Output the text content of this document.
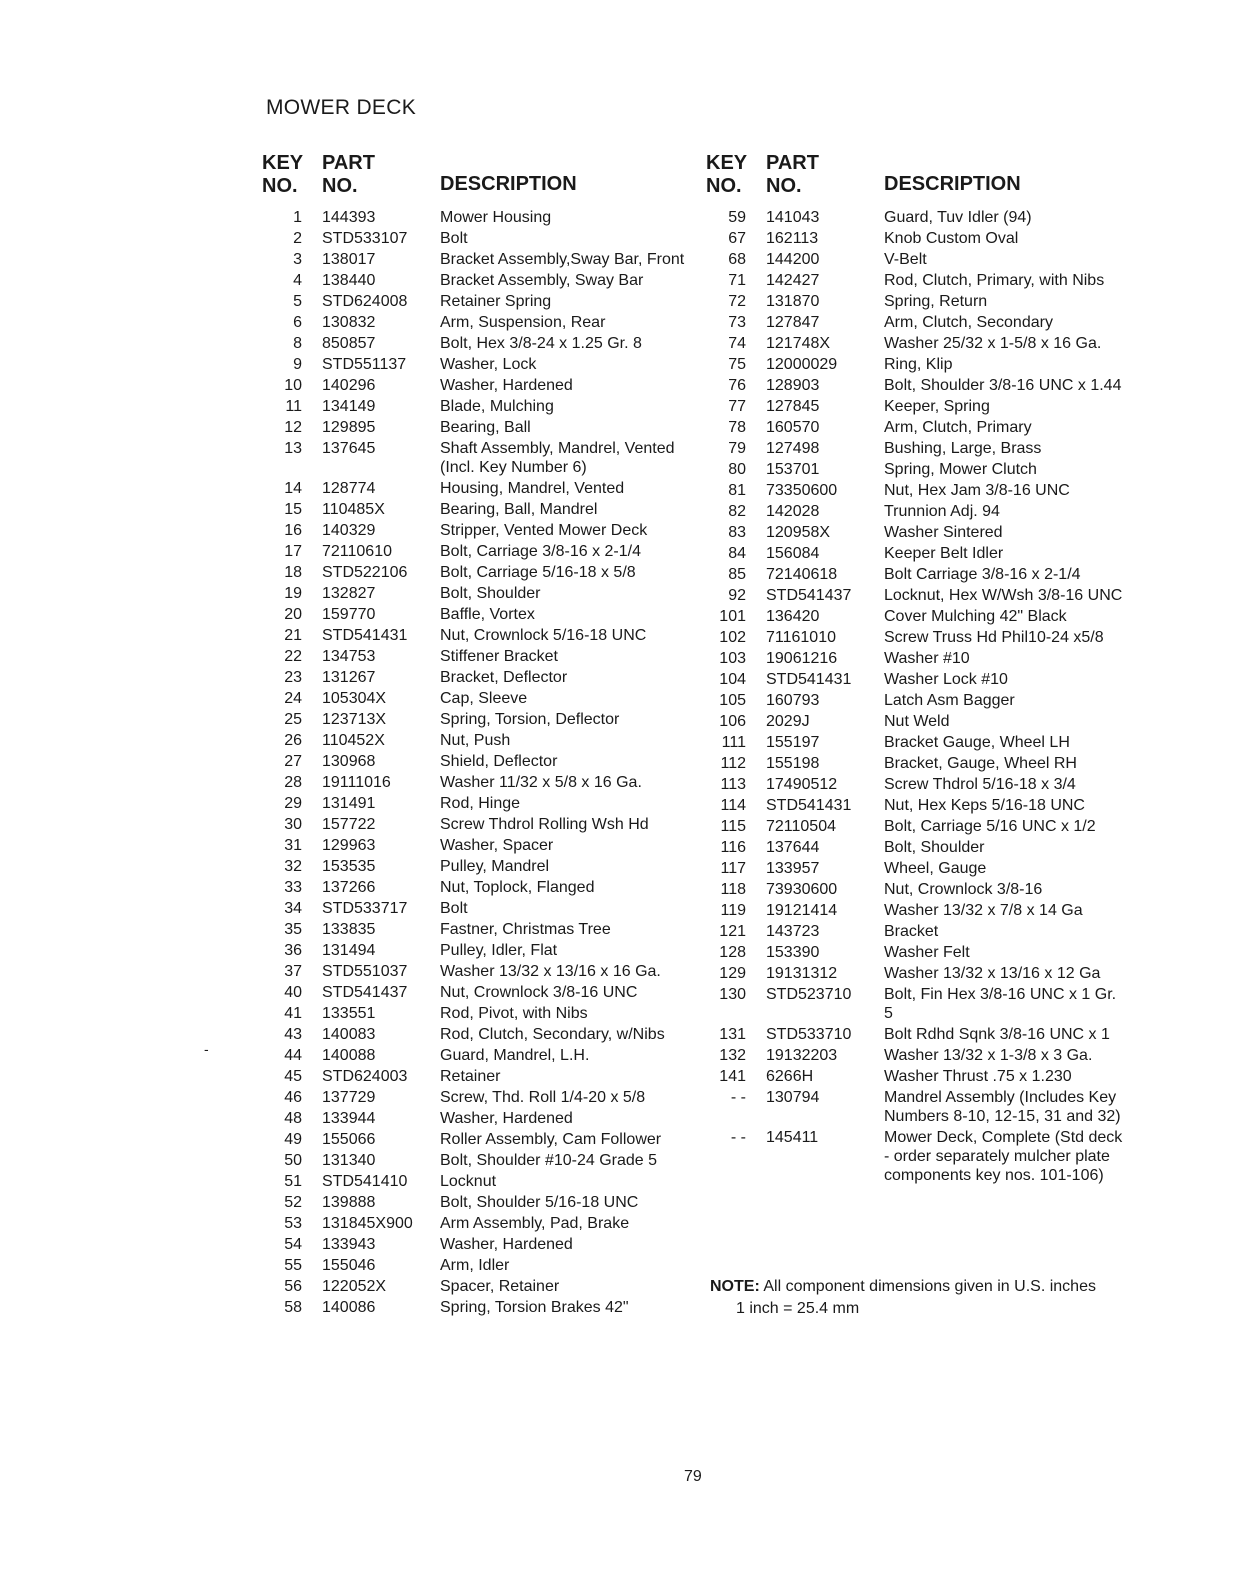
MOWER DECK
KEY
NO.
PART
NO.	DESCRIPTION
1 144393	Mower Housing
2 STD533107 Bolt
3 138017	Bracket Assembly,Sway Bar, Front
4 138440	Bracket Assembly, Sway Bar
5 STD624008 Retainer Spring
6 130832	Arm, Suspension, Rear
8 850857	Bolt, Hex 3/8-24 x 1.25 Gr. 8
9 STD551137 Washer, Lock
10 140296	Washer, Hardened
11 134149	Blade, Mulching
12 129895	Bearing, Ball
13 137645	Shaft Assembly, Mandrel, Vented (Incl. Key Number 6)
14 128774	Housing, Mandrel, Vented
15 110485X	Bearing, Ball, Mandrel
16 140329	Stripper, Vented Mower Deck
17 72110610	Bolt, Carriage 3/8-16 x 2-1/4
18 STD522106 Bolt, Carriage 5/16-18 x 5/8
19 132827	Bolt, Shoulder
20 159770	Baffle, Vortex
21 STD541431 Nut, Crownlock 5/16-18 UNC
22 134753	Stiffener Bracket
23 131267	Bracket, Deflector
24 105304X	Cap, Sleeve
25 123713X	Spring, Torsion, Deflector
26 110452X	Nut, Push
27 130968	Shield, Deflector
28 19111016	Washer 11/32 x 5/8 x 16 Ga.
29 131491	Rod, Hinge
30 157722	Screw Thdrol Rolling Wsh Hd
31 129963	Washer, Spacer
32 153535	Pulley, Mandrel
33 137266	Nut, Toplock, Flanged
34 STD533717 Bolt
35 133835	Fastner, Christmas Tree
36 131494	Pulley, Idler, Flat
37 STD551037 Washer 13/32 x 13/16 x 16 Ga.
40 STD541437 Nut, Crownlock 3/8-16 UNC
41 133551	Rod, Pivot, with Nibs
43 140083	Rod, Clutch, Secondary, w/Nibs
44 140088	Guard, Mandrel, L.H.
45 STD624003 Retainer
46 137729	Screw, Thd. Roll 1/4-20 x 5/8
48 133944	Washer, Hardened
49 155066	Roller Assembly, Cam Follower
50 131340	Bolt, Shoulder #10-24 Grade 5
51 STD541410 Locknut
52 139888	Bolt, Shoulder 5/16-18 UNC
53 131845X900 Arm Assembly, Pad, Brake
54 133943	Washer, Hardened
55 155046	Arm, Idler
56 122052X	Spacer, Retainer
58 140086	Spring, Torsion Brakes 42"
KEY
NO.
PART
NO.	DESCRIPTION
59 141043	Guard, Tuv Idler (94)
67 162113	Knob Custom Oval
68 144200	V-Belt
71 142427	Rod, Clutch, Primary, with Nibs
72 131870	Spring, Return
73 127847	Arm, Clutch, Secondary
74 121748X	Washer 25/32 x 1-5/8 x 16 Ga.
75 12000029	Ring, Klip
76 128903	Bolt, Shoulder 3/8-16 UNC x 1.44
77 127845	Keeper, Spring
78 160570	Arm, Clutch, Primary
79 127498	Bushing, Large, Brass
80 153701	Spring, Mower Clutch
81 73350600	Nut, Hex Jam 3/8-16 UNC
82 142028	Trunnion Adj. 94
83 120958X	Washer Sintered
84 156084	Keeper Belt Idler
85 72140618	Bolt Carriage 3/8-16 x 2-1/4
92 STD541437 Locknut, Hex W/Wsh 3/8-16 UNC
101 136420	Cover Mulching 42" Black
102 71161010	Screw Truss Hd Phil10-24 x5/8
103 19061216	Washer #10
104 STD541431 Washer Lock #10
105 160793	Latch Asm Bagger
106 2029J	Nut Weld
111 155197	Bracket Gauge, Wheel LH
112 155198	Bracket, Gauge, Wheel RH
113 17490512	Screw Thdrol 5/16-18 x 3/4
114 STD541431 Nut, Hex Keps 5/16-18 UNC
115 72110504	Bolt, Carriage 5/16 UNC x 1/2
116 137644	Bolt, Shoulder
117 133957	Wheel, Gauge
118 73930600	Nut, Crownlock 3/8-16
119 19121414	Washer 13/32 x 7/8 x 14 Ga
121 143723	Bracket
128 153390	Washer Felt
129 19131312	Washer 13/32 x 13/16 x 12 Ga
130 STD523710 Bolt, Fin Hex 3/8-16 UNC x 1 Gr. 5
131 STD533710 Bolt Rdhd Sqnk 3/8-16 UNC x 1
132 19132203	Washer 13/32 x 1-3/8 x 3 Ga.
141 6266H	Washer Thrust .75 x 1.230
- - 130794	Mandrel Assembly (Includes Key Numbers 8-10, 12-15, 31 and 32)
- - 145411	Mower Deck, Complete (Std deck - order separately mulcher plate components key nos. 101-106)
NOTE: All component dimensions given in U.S. inches
1 inch = 25.4 mm
-
79
